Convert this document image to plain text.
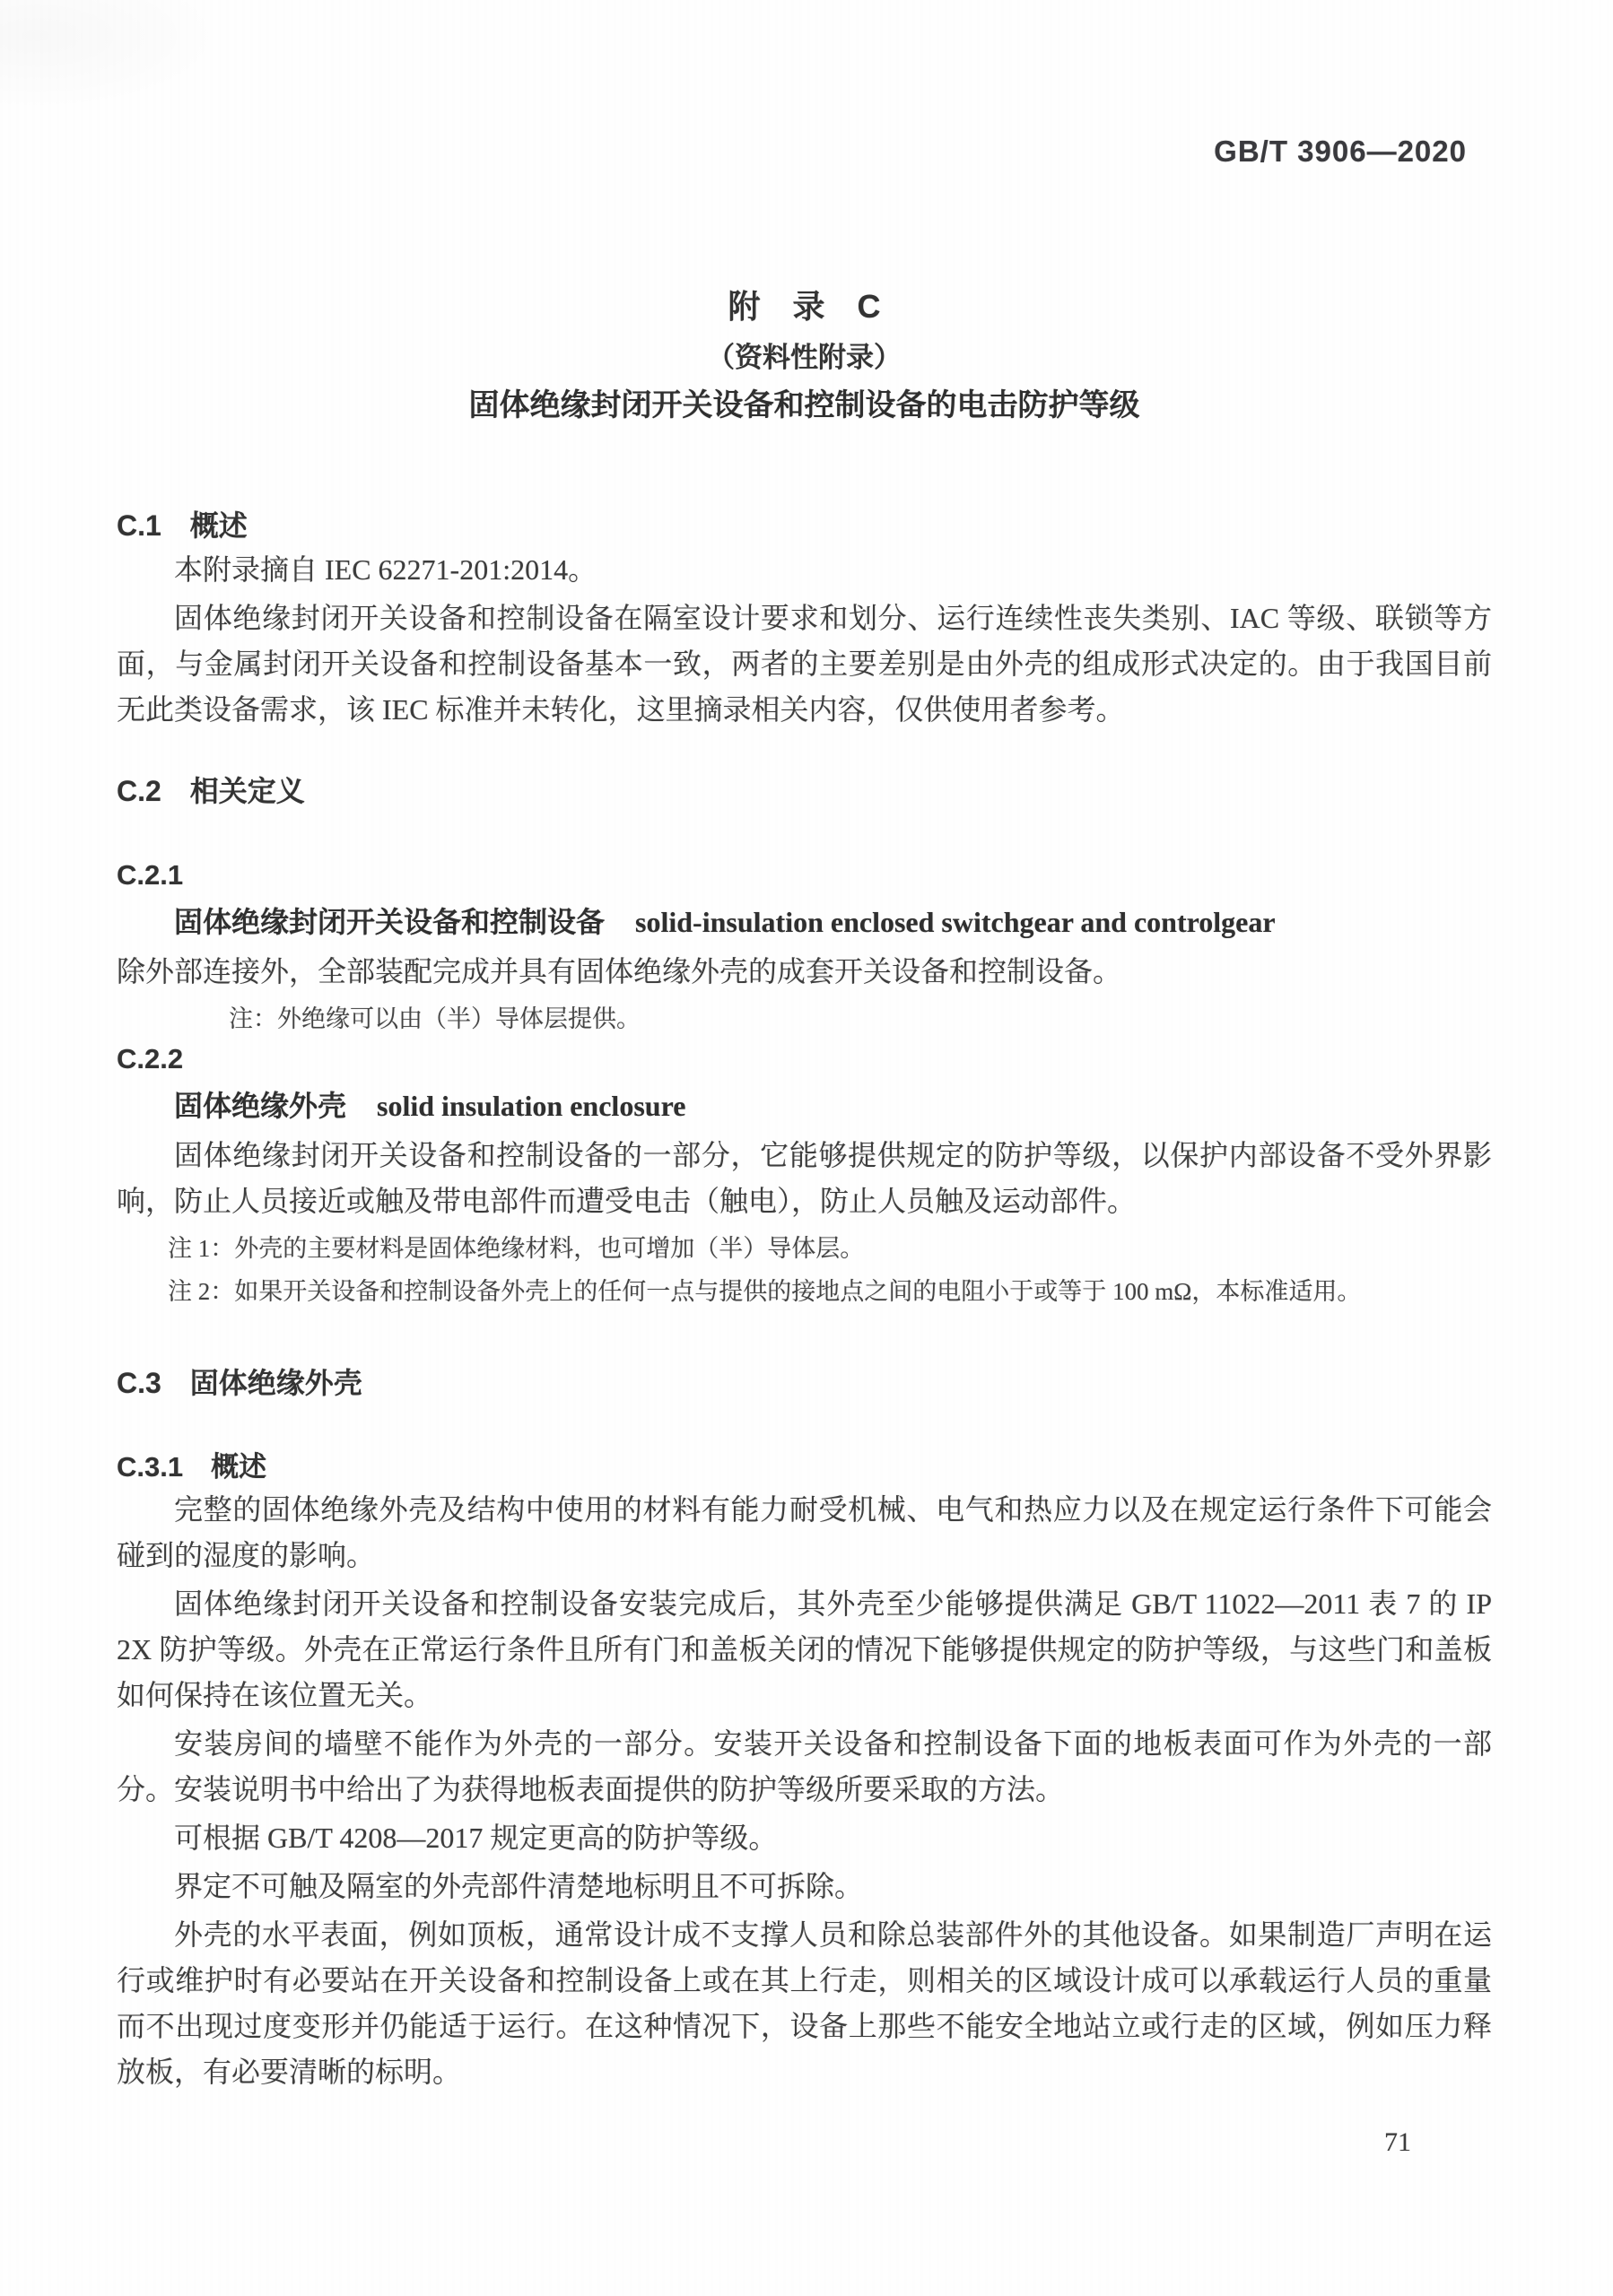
GB/T 3906—2020
附　录　C
（资料性附录）
固体绝缘封闭开关设备和控制设备的电击防护等级
C.1　概述

本附录摘自 IEC 62271-201:2014。

固体绝缘封闭开关设备和控制设备在隔室设计要求和划分、运行连续性丧失类别、IAC 等级、联锁等方面，与金属封闭开关设备和控制设备基本一致，两者的主要差别是由外壳的组成形式决定的。由于我国目前无此类设备需求，该 IEC 标准并未转化，这里摘录相关内容，仅供使用者参考。

C.2　相关定义
C.2.1

固体绝缘封闭开关设备和控制设备 solid-insulation enclosed switchgear and controlgear

除外部连接外，全部装配完成并具有固体绝缘外壳的成套开关设备和控制设备。

注：外绝缘可以由（半）导体层提供。

C.2.2

固体绝缘外壳 solid insulation enclosure

固体绝缘封闭开关设备和控制设备的一部分，它能够提供规定的防护等级，以保护内部设备不受外界影响，防止人员接近或触及带电部件而遭受电击（触电），防止人员触及运动部件。

注 1：外壳的主要材料是固体绝缘材料，也可增加（半）导体层。

注 2：如果开关设备和控制设备外壳上的任何一点与提供的接地点之间的电阻小于或等于 100 mΩ，本标准适用。

C.3　固体绝缘外壳
C.3.1　概述

完整的固体绝缘外壳及结构中使用的材料有能力耐受机械、电气和热应力以及在规定运行条件下可能会碰到的湿度的影响。

固体绝缘封闭开关设备和控制设备安装完成后，其外壳至少能够提供满足 GB/T 11022—2011 表 7 的 IP 2X 防护等级。外壳在正常运行条件且所有门和盖板关闭的情况下能够提供规定的防护等级，与这些门和盖板如何保持在该位置无关。

安装房间的墙壁不能作为外壳的一部分。安装开关设备和控制设备下面的地板表面可作为外壳的一部分。安装说明书中给出了为获得地板表面提供的防护等级所要采取的方法。

可根据 GB/T 4208—2017 规定更高的防护等级。

界定不可触及隔室的外壳部件清楚地标明且不可拆除。

外壳的水平表面，例如顶板，通常设计成不支撑人员和除总装部件外的其他设备。如果制造厂声明在运行或维护时有必要站在开关设备和控制设备上或在其上行走，则相关的区域设计成可以承载运行人员的重量而不出现过度变形并仍能适于运行。在这种情况下，设备上那些不能安全地站立或行走的区域，例如压力释放板，有必要清晰的标明。

71
